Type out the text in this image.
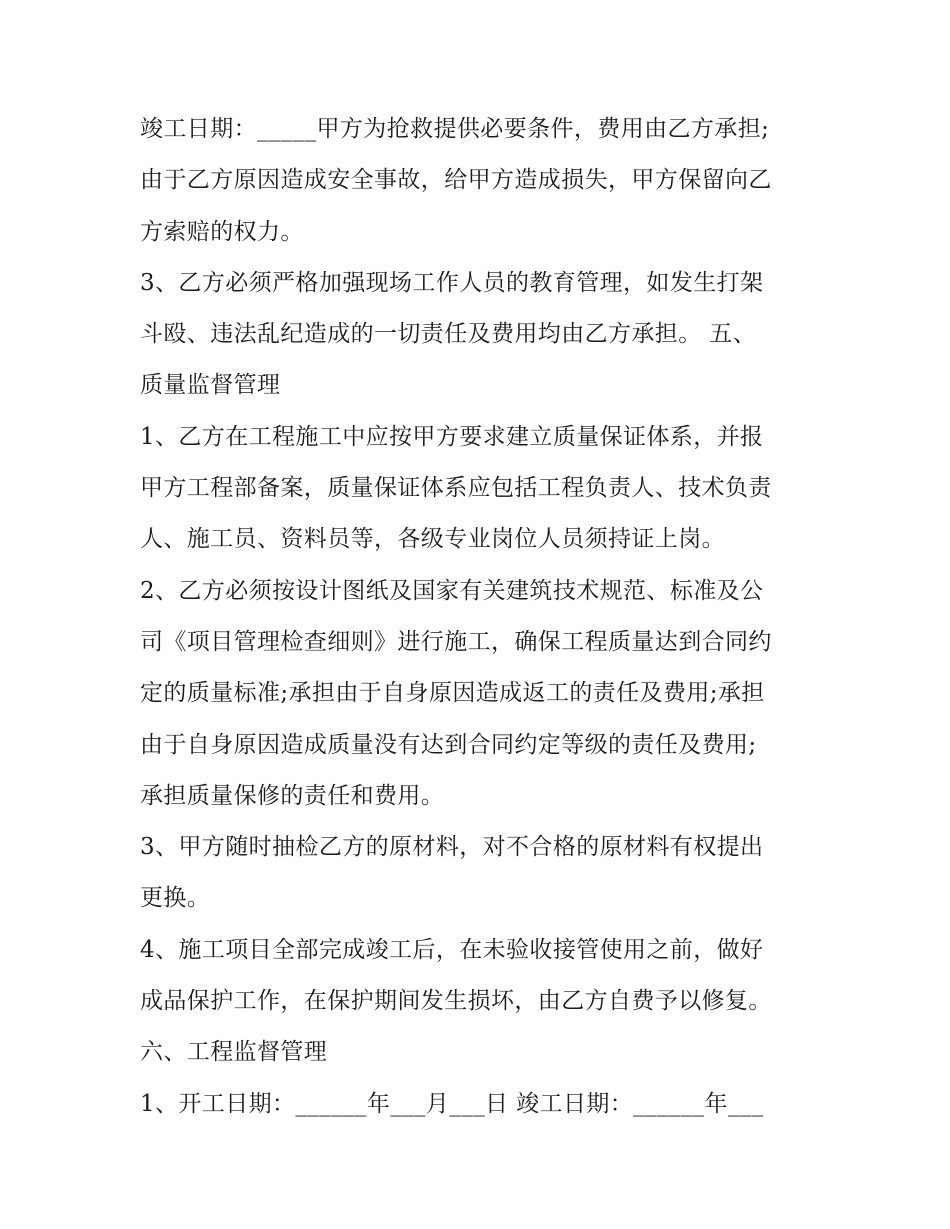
竣工日期：_____甲方为抢救提供必要条件，费用由乙方承担;
由于乙方原因造成安全事故，给甲方造成损失，甲方保留向乙
方索赔的权力。
3、乙方必须严格加强现场工作人员的教育管理，如发生打架
斗殴、违法乱纪造成的一切责任及费用均由乙方承担。 五、
质量监督管理
1、乙方在工程施工中应按甲方要求建立质量保证体系，并报
甲方工程部备案，质量保证体系应包括工程负责人、技术负责
人、施工员、资料员等，各级专业岗位人员须持证上岗。
2、乙方必须按设计图纸及国家有关建筑技术规范、标准及公
司《项目管理检查细则》进行施工，确保工程质量达到合同约
定的质量标准;承担由于自身原因造成返工的责任及费用;承担
由于自身原因造成质量没有达到合同约定等级的责任及费用;
承担质量保修的责任和费用。
3、甲方随时抽检乙方的原材料，对不合格的原材料有权提出
更换。
4、施工项目全部完成竣工后，在未验收接管使用之前，做好
成品保护工作，在保护期间发生损坏，由乙方自费予以修复。
六、工程监督管理
1、开工日期：______年___月___日 竣工日期：______年___
